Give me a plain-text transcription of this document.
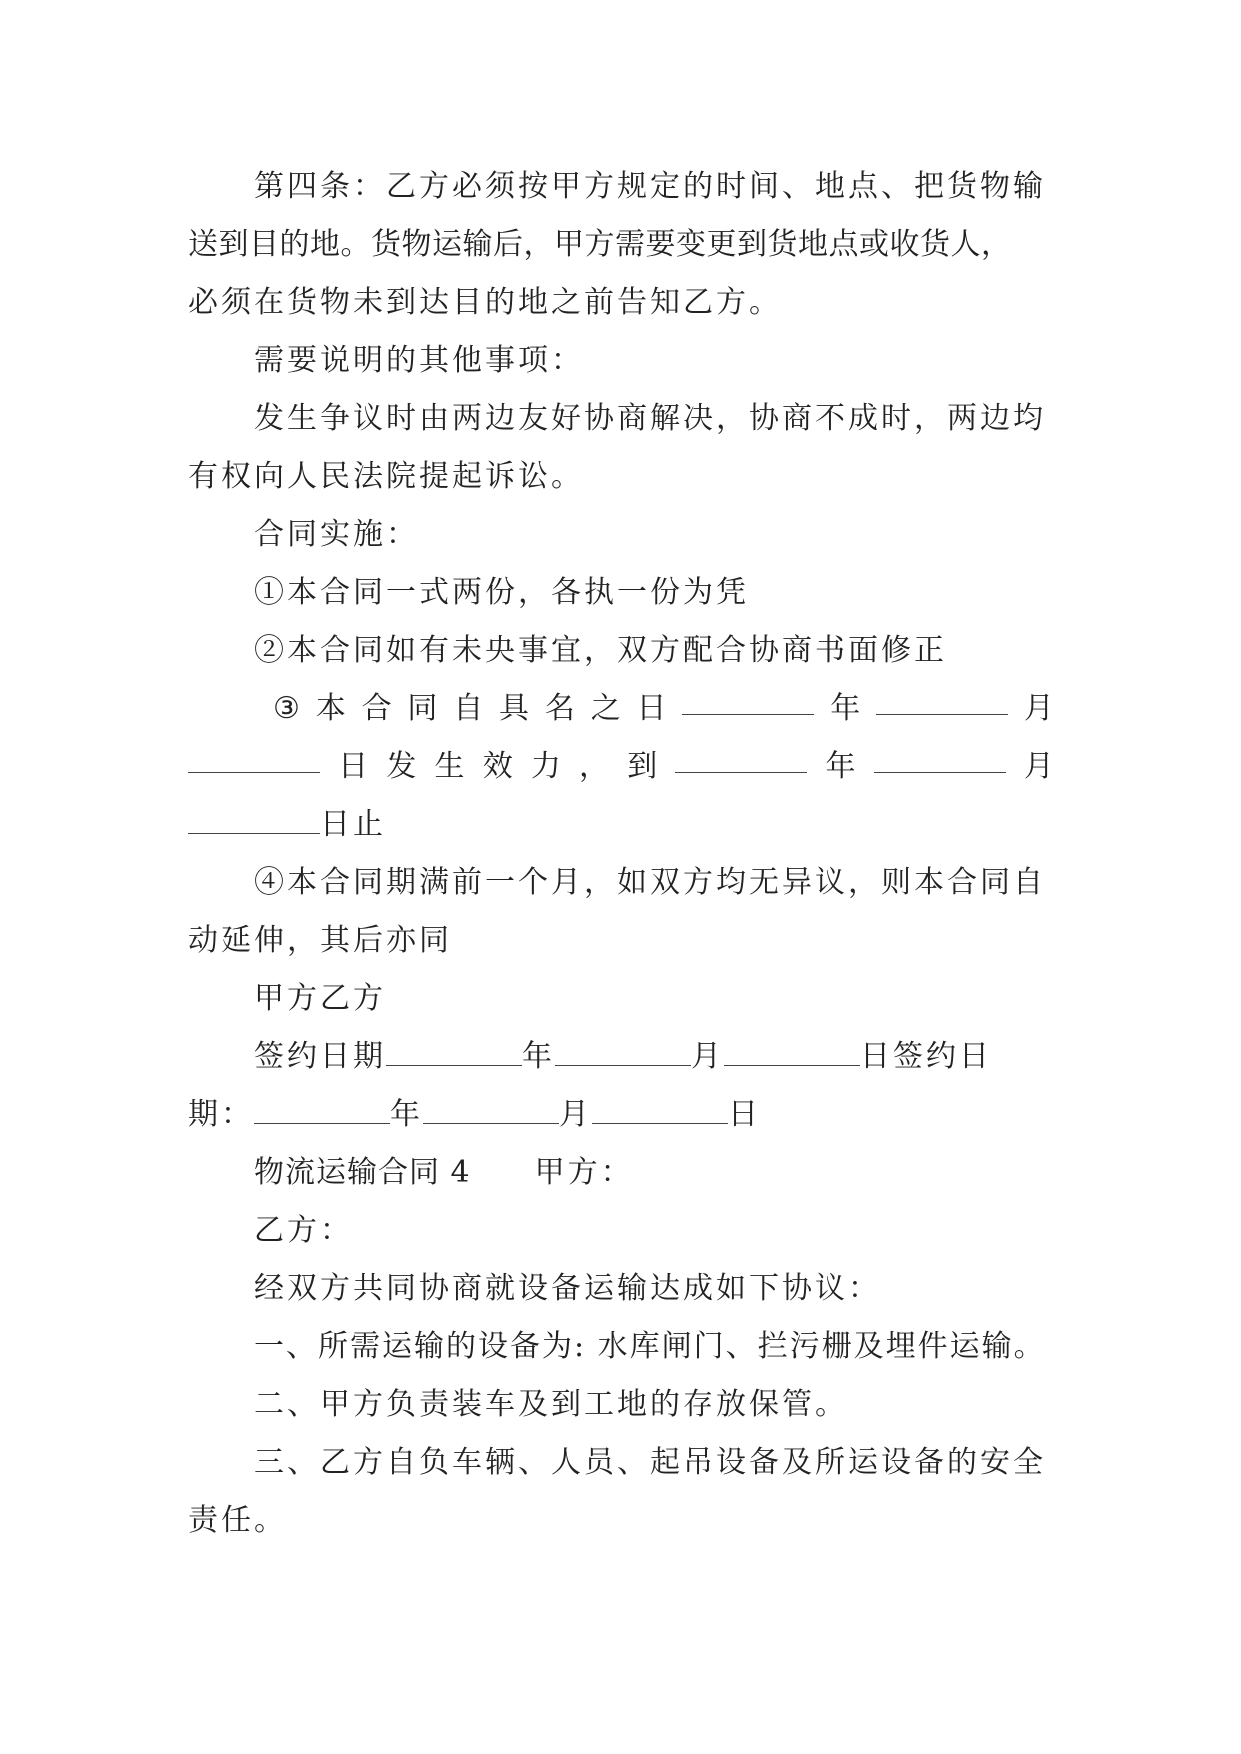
第四条：乙方必须按甲方规定的时间、地点、把货物输

送到目的地。货物运输后，甲方需要变更到货地点或收货人，

必须在货物未到达目的地之前告知乙方。

需要说明的其他事项：

发生争议时由两边友好协商解决，协商不成时，两边均

有权向人民法院提起诉讼。

合同实施：

①本合同一式两份，各执一份为凭

②本合同如有未央事宜，双方配合协商书面修正

③ 本 合 同 自 具 名 之 日	年	月
日 发 生 效 力 ， 到	年	月

日止

④本合同期满前一个月，如双方均无异议，则本合同自

动延伸，其后亦同

甲方乙方

签约日期	年	月	日签约日

期：	年	月	日

物流运输合同 4 甲方：

乙方：

经双方共同协商就设备运输达成如下协议：

一、所需运输的设备为: 水库闸门、拦污栅及埋件运输。

二、甲方负责装车及到工地的存放保管。

三、乙方自负车辆、人员、起吊设备及所运设备的安全

责任。
